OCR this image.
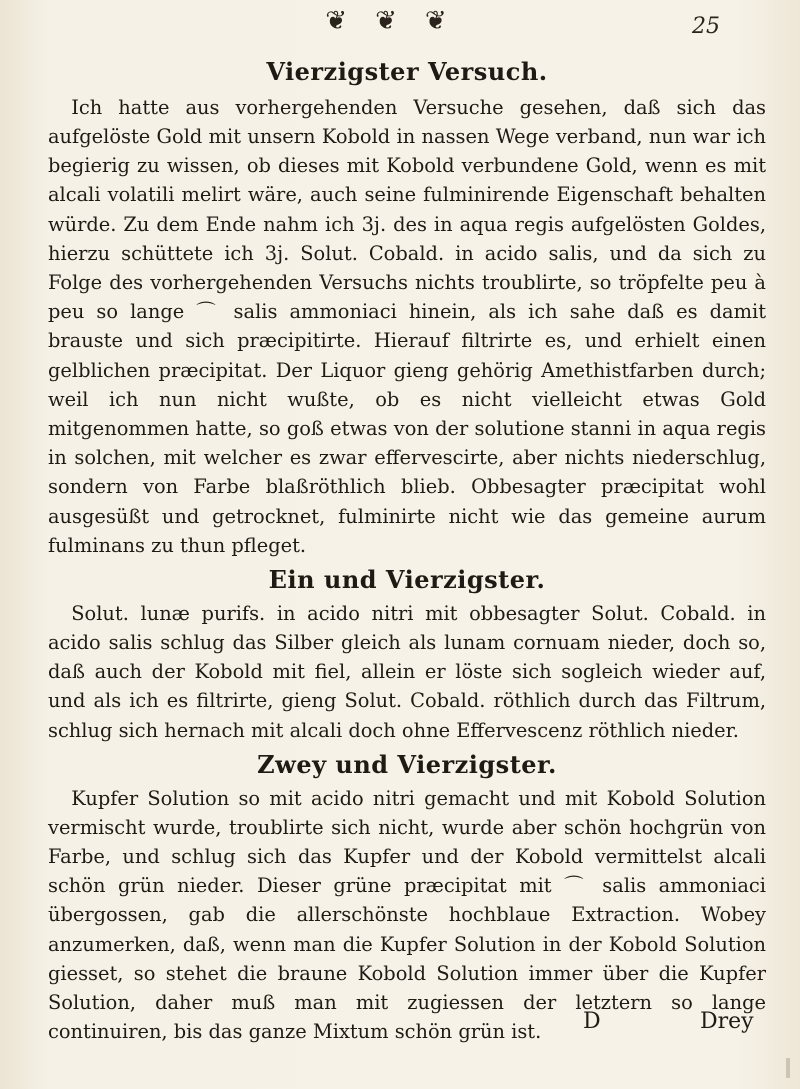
❦❦❦	25
Vierzigster Versuch.

Ich hatte aus vorhergehenden Versuche gesehen, daß sich das aufgelöste Gold mit unsern Kobold in nassen Wege verband, nun war ich begierig zu wissen, ob dieses mit Kobold verbundene Gold, wenn es mit alcali volatili melirt wäre, auch seine fulminirende Eigenschaft behalten würde. Zu dem Ende nahm ich 3j. des in aqua regis aufgelösten Goldes, hierzu schüttete ich 3j. Solut. Cobald. in acido salis, und da sich zu Folge des vorhergehenden Versuchs nichts troublirte, so tröpfelte peu à peu so lange ⌒ salis ammoniaci hinein, als ich sahe daß es damit brauste und sich præcipitirte. Hierauf filtrirte es, und erhielt einen gelblichen præcipitat. Der Liquor gieng gehörig Amethistfarben durch; weil ich nun nicht wußte, ob es nicht vielleicht etwas Gold mitgenommen hatte, so goß etwas von der solutione stanni in aqua regis in solchen, mit welcher es zwar effervescirte, aber nichts niederschlug, sondern von Farbe blaßröthlich blieb. Obbesagter præcipitat wohl ausgesüßt und getrocknet, fulminirte nicht wie das gemeine aurum fulminans zu thun pfleget.

Ein und Vierzigster.

Solut. lunæ purifs. in acido nitri mit obbesagter Solut. Cobald. in acido salis schlug das Silber gleich als lunam cornuam nieder, doch so, daß auch der Kobold mit fiel, allein er löste sich sogleich wieder auf, und als ich es filtrirte, gieng Solut. Cobald. röthlich durch das Filtrum, schlug sich hernach mit alcali doch ohne Effervescenz röthlich nieder.

Zwey und Vierzigster.

Kupfer Solution so mit acido nitri gemacht und mit Kobold Solution vermischt wurde, troublirte sich nicht, wurde aber schön hochgrün von Farbe, und schlug sich das Kupfer und der Kobold vermittelst alcali schön grün nieder. Dieser grüne præcipitat mit ⌒ salis ammoniaci übergossen, gab die allerschönste hochblaue Extraction. Wobey anzumerken, daß, wenn man die Kupfer Solution in der Kobold Solution giesset, so stehet die braune Kobold Solution immer über die Kupfer Solution, daher muß man mit zugiessen der letztern so lange continuiren, bis das ganze Mixtum schön grün ist.	D	Drey
